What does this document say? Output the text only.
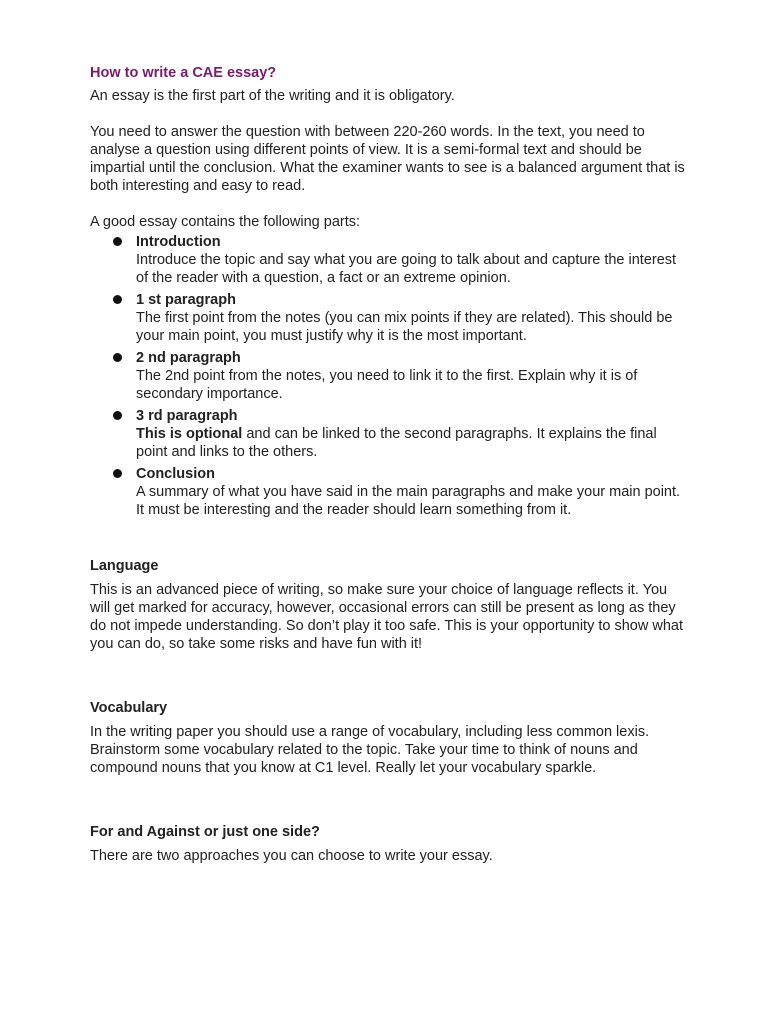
How to write a CAE essay?

An essay is the first part of the writing and it is obligatory.

You need to answer the question with between 220-260 words. In the text, you need to analyse a question using different points of view. It is a semi-formal text and should be impartial until the conclusion. What the examiner wants to see is a balanced argument that is both interesting and easy to read.

A good essay contains the following parts:

Introduction
Introduce the topic and say what you are going to talk about and capture the interest of the reader with a question, a fact or an extreme opinion.
1 st paragraph
The first point from the notes (you can mix points if they are related). This should be your main point, you must justify why it is the most important.
2 nd paragraph
The 2nd point from the notes, you need to link it to the first. Explain why it is of secondary importance.
3 rd paragraph
This is optional and can be linked to the second paragraphs. It explains the final point and links to the others.
Conclusion
A summary of what you have said in the main paragraphs and make your main point. It must be interesting and the reader should learn something from it.
Language

This is an advanced piece of writing, so make sure your choice of language reflects it. You will get marked for accuracy, however, occasional errors can still be present as long as they do not impede understanding. So don’t play it too safe. This is your opportunity to show what you can do, so take some risks and have fun with it!

Vocabulary

In the writing paper you should use a range of vocabulary, including less common lexis. Brainstorm some vocabulary related to the topic. Take your time to think of nouns and compound nouns that you know at C1 level. Really let your vocabulary sparkle.

For and Against or just one side?

There are two approaches you can choose to write your essay.
